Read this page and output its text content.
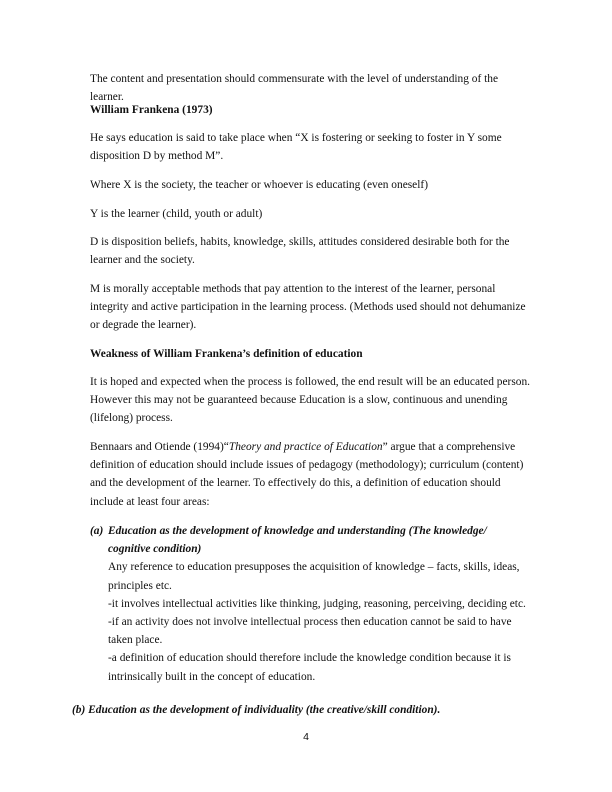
The content and presentation should commensurate with the level of understanding of the learner.

William Frankena (1973)

He says education is said to take place when “X is fostering or seeking to foster in Y some disposition D by method M”.

Where X is the society, the teacher or whoever is educating (even oneself)

Y is the learner (child, youth or adult)

D is disposition beliefs, habits, knowledge, skills, attitudes considered desirable both for the learner and the society.

M is morally acceptable methods that pay attention to the interest of the learner, personal integrity and active participation in the learning process. (Methods used should not dehumanize or degrade the learner).

Weakness of William Frankena’s definition of education

It is hoped and expected when the process is followed, the end result will be an educated person. However this may not be guaranteed because Education is a slow, continuous and unending (lifelong) process.

Bennaars and Otiende (1994)“Theory and practice of Education” argue that a comprehensive definition of education should include issues of pedagogy (methodology); curriculum (content) and the development of the learner. To effectively do this, a definition of education should include at least four areas:

(a) Education as the development of knowledge and understanding (The knowledge/ cognitive condition)
Any reference to education presupposes the acquisition of knowledge – facts, skills, ideas, principles etc.
-it involves intellectual activities like thinking, judging, reasoning, perceiving, deciding etc.
-if an activity does not involve intellectual process then education cannot be said to have taken place.
-a definition of education should therefore include the knowledge condition because it is intrinsically built in the concept of education.
(b) Education as the development of individuality (the creative/skill condition).
4
